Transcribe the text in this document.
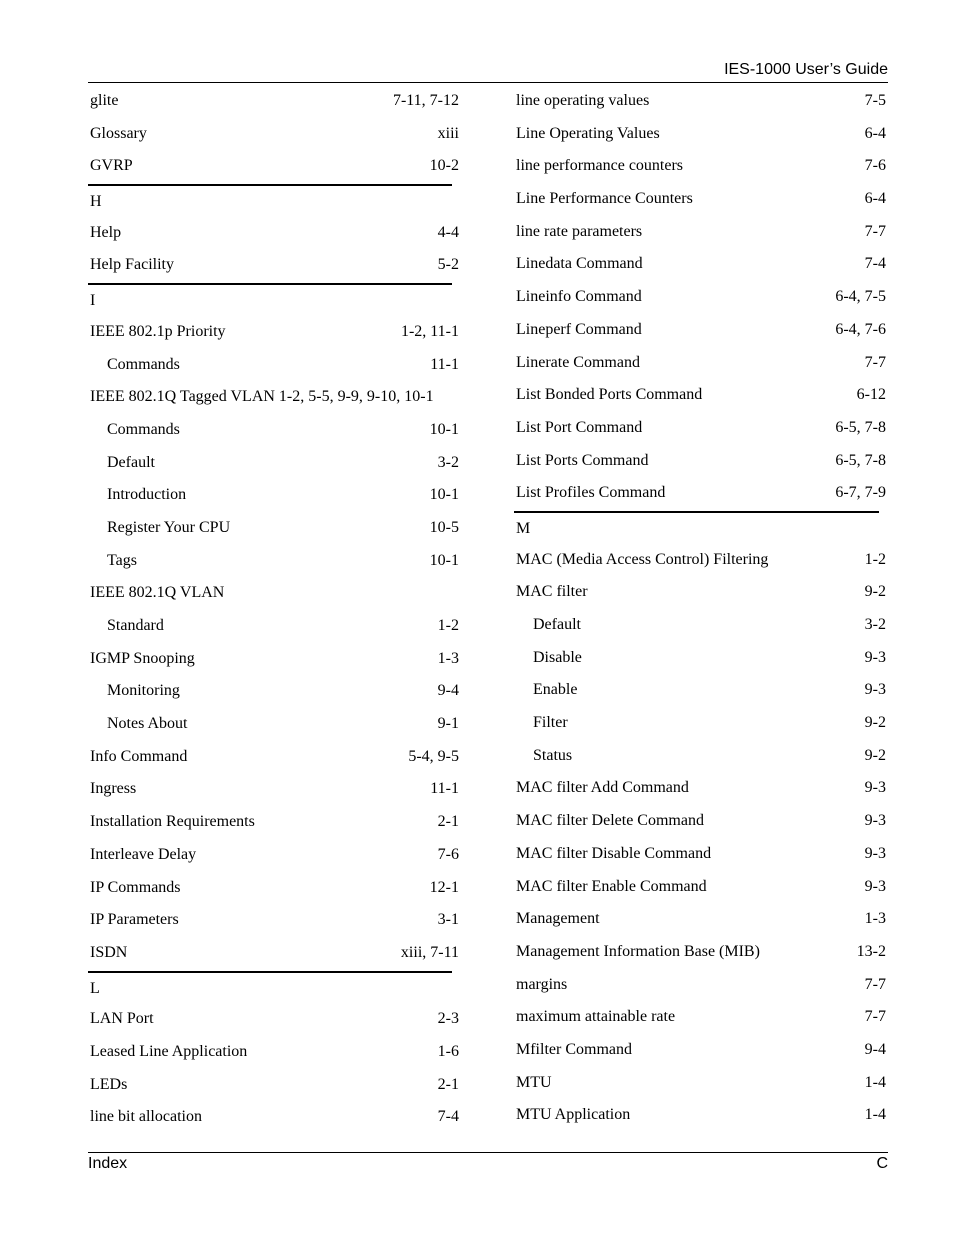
IES-1000 User’s Guide
glite	7-11, 7-12
Glossary	xiii
GVRP	10-2
H
Help	4-4
Help Facility	5-2
I
IEEE 802.1p Priority	1-2, 11-1
Commands	11-1
IEEE 802.1Q Tagged VLAN 1-2, 5-5, 9-9, 9-10, 10-1
Commands	10-1
Default	3-2
Introduction	10-1
Register Your CPU	10-5
Tags	10-1
IEEE 802.1Q VLAN
Standard	1-2
IGMP Snooping	1-3
Monitoring	9-4
Notes About	9-1
Info Command	5-4, 9-5
Ingress	11-1
Installation Requirements	2-1
Interleave Delay	7-6
IP Commands	12-1
IP Parameters	3-1
ISDN	xiii, 7-11
L
LAN Port	2-3
Leased Line Application	1-6
LEDs	2-1
line bit allocation	7-4
line operating values	7-5
Line Operating Values	6-4
line performance counters	7-6
Line Performance Counters	6-4
line rate parameters	7-7
Linedata Command	7-4
Lineinfo Command	6-4, 7-5
Lineperf Command	6-4, 7-6
Linerate Command	7-7
List Bonded Ports Command	6-12
List Port Command	6-5, 7-8
List Ports Command	6-5, 7-8
List Profiles Command	6-7, 7-9
M
MAC (Media Access Control) Filtering	1-2
MAC filter	9-2
Default	3-2
Disable	9-3
Enable	9-3
Filter	9-2
Status	9-2
MAC filter Add Command	9-3
MAC filter Delete Command	9-3
MAC filter Disable Command	9-3
MAC filter Enable Command	9-3
Management	1-3
Management Information Base (MIB)	13-2
margins	7-7
maximum attainable rate	7-7
Mfilter Command	9-4
MTU	1-4
MTU Application	1-4
Index	C
